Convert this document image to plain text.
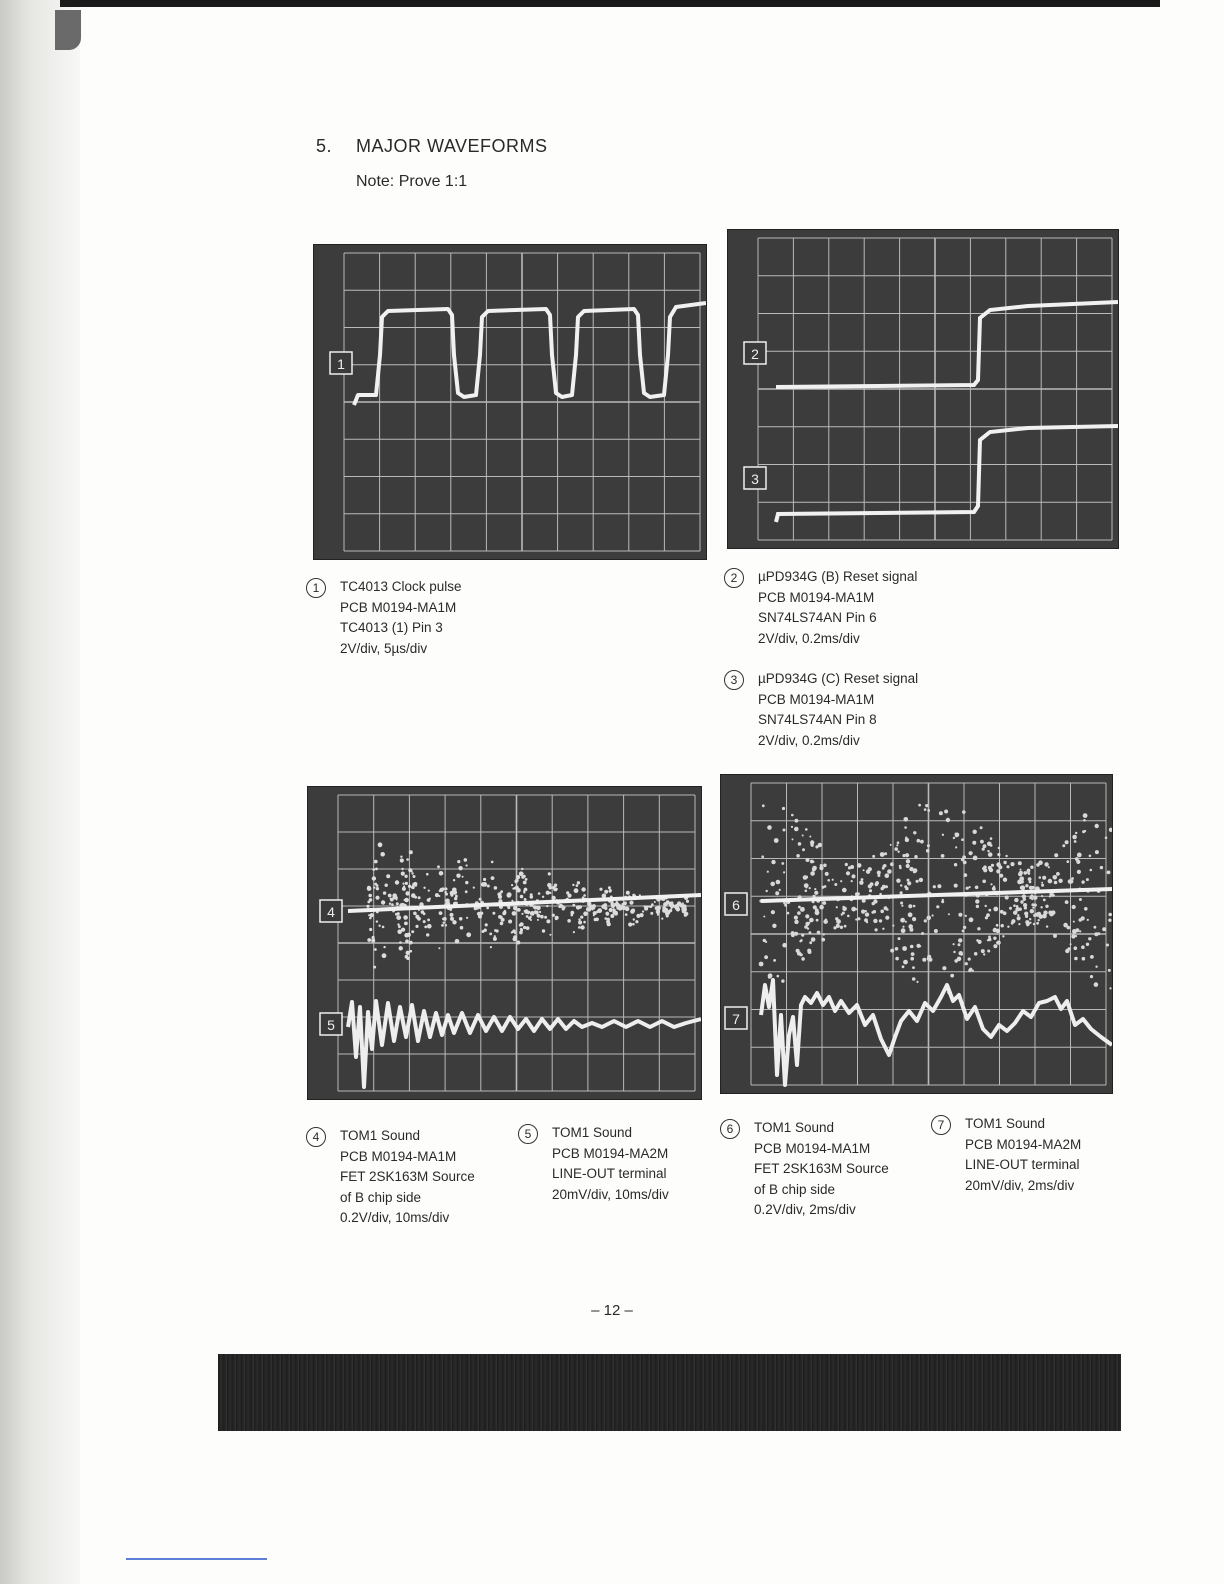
5. MAJOR WAVEFORMS
Note: Prove 1:1
1
2
3
4
5
6
7
1	TC4013 Clock pulse
PCB M0194-MA1M
TC4013 (1) Pin 3
2V/div, 5µs/div
2	µPD934G (B) Reset signal
PCB M0194-MA1M
SN74LS74AN Pin 6
2V/div, 0.2ms/div
3	µPD934G (C) Reset signal
PCB M0194-MA1M
SN74LS74AN Pin 8
2V/div, 0.2ms/div
4	TOM1 Sound
PCB M0194-MA1M
FET 2SK163M Source
of B chip side
0.2V/div, 10ms/div
5	TOM1 Sound
PCB M0194-MA2M
LINE-OUT terminal
20mV/div, 10ms/div
6	TOM1 Sound
PCB M0194-MA1M
FET 2SK163M Source
of B chip side
0.2V/div, 2ms/div
7	TOM1 Sound
PCB M0194-MA2M
LINE-OUT terminal
20mV/div, 2ms/div
– 12 –
